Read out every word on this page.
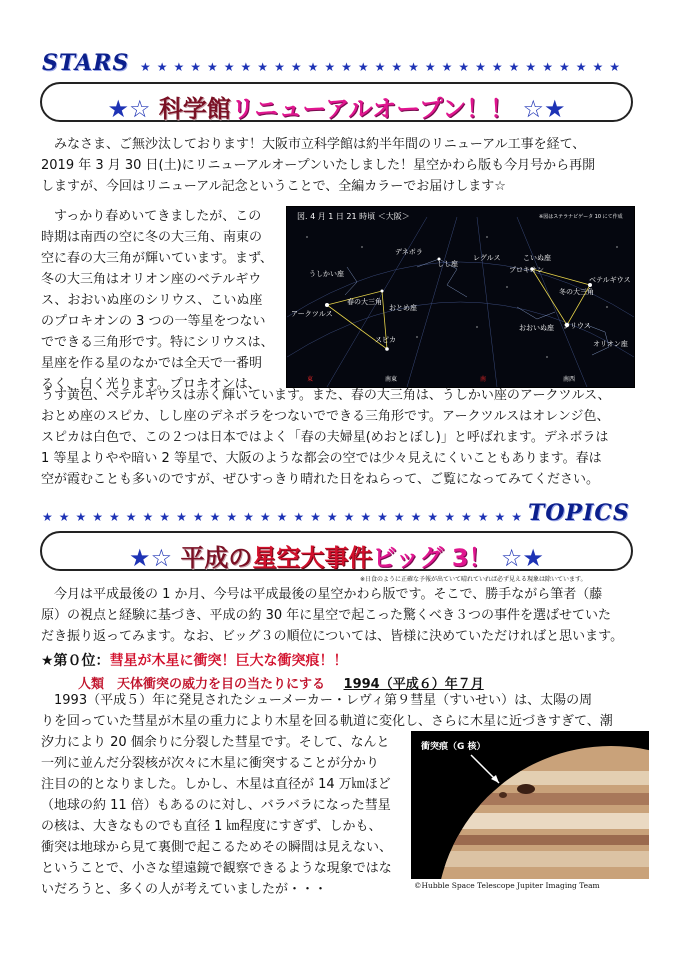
STARS ★★★★★★★★★★★★★★★★★★★★★★★★★★★★★
★☆ 科学館リニューアルオープン！！ ☆★

　みなさま、ご無沙汰しております！大阪市立科学館は約半年間のリニューアル工事を経て、

2019 年 3 月 30 日(土)にリニューアルオープンいたしました！星空かわら版も今月号から再開

しますが、今回はリニューアル記念ということで、全編カラーでお届けします☆

　すっかり春めいてきましたが、この

時期は南西の空に冬の大三角、南東の

空に春の大三角が輝いています。まず、

冬の大三角はオリオン座のベテルギウ

ス、おおいぬ座のシリウス、こいぬ座

のプロキオンの 3 つの一等星をつない

でできる三角形です。特にシリウスは、

星座を作る星のなかでは全天で一番明

るく、白く光ります。プロキオンは、

図. 4 月 1 日 21 時頃 ＜大阪＞	※図はステラナビゲータ 10 にて作成
レグルス
デネボラ
しし座
うしかい座
春の大三角
アークツルス
おとめ座
スピカ
こいぬ座
プロキオン
ベテルギウス
冬の大三角
シリウス
おおいぬ座
オリオン座
東	南東	南	南西

うす黄色、ベテルギウスは赤く輝いています。また、春の大三角は、うしかい座のアークツルス、

おとめ座のスピカ、しし座のデネボラをつないでできる三角形です。アークツルスはオレンジ色、

スピカは白色で、この２つは日本ではよく「春の夫婦星(めおとぼし)」と呼ばれます。デネボラは

1 等星よりやや暗い 2 等星で、大阪のような都会の空では少々見えにくいこともあります。春は

空が霞むことも多いのですが、ぜひすっきり晴れた日をねらって、ご覧になってみてください。

★★★★★★★★★★★★★★★★★★★★★★★★★★★★★ TOPICS
★☆ 平成の星空大事件ビッグ 3！ ☆★
※日食のように正確な予報が出ていて晴れていれば必ず見える現象は除いています。

　今月は平成最後の 1 か月、今号は平成最後の星空かわら版です。そこで、勝手ながら筆者（藤

原）の視点と経験に基づき、平成の約 30 年に星空で起こった驚くべき３つの事件を選ばせていた

だき振り返ってみます。なお、ビッグ３の順位については、皆様に決めていただければと思います。

★第０位：彗星が木星に衝突！巨大な衝突痕！！
人類　天体衝突の威力を目の当たりにする 1994（平成６）年７月

　1993（平成５）年に発見されたシューメーカー・レヴィ第９彗星（すいせい）は、太陽の周

りを回っていた彗星が木星の重力により木星を回る軌道に変化し、さらに木星に近づきすぎて、潮

汐力により 20 個余りに分裂した彗星です。そして、なんと

一列に並んだ分裂核が次々に木星に衝突することが分かり

注目の的となりました。しかし、木星は直径が 14 万㎞ほど

（地球の約 11 倍）もあるのに対し、バラバラになった彗星

の核は、大きなものでも直径 1 ㎞程度にすぎず、しかも、

衝突は地球から見て裏側で起こるためその瞬間は見えない、

ということで、小さな望遠鏡で観察できるような現象ではな

いだろうと、多くの人が考えていましたが・・・

衝突痕（G 核）
©Hubble Space Telescope Jupiter Imaging Team
